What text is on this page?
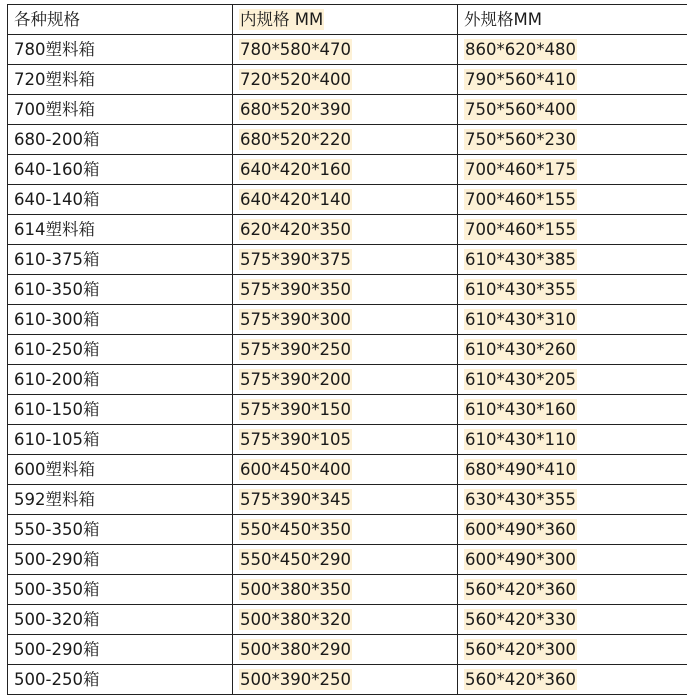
各种规格	内规格 MM	外规格MM
780塑料箱	780*580*470	860*620*480
720塑料箱	720*520*400	790*560*410
700塑料箱	680*520*390	750*560*400
680-200箱	680*520*220	750*560*230
640-160箱	640*420*160	700*460*175
640-140箱	640*420*140	700*460*155
614塑料箱	620*420*350	700*460*155
610-375箱	575*390*375	610*430*385
610-350箱	575*390*350	610*430*355
610-300箱	575*390*300	610*430*310
610-250箱	575*390*250	610*430*260
610-200箱	575*390*200	610*430*205
610-150箱	575*390*150	610*430*160
610-105箱	575*390*105	610*430*110
600塑料箱	600*450*400	680*490*410
592塑料箱	575*390*345	630*430*355
550-350箱	550*450*350	600*490*360
500-290箱	550*450*290	600*490*300
500-350箱	500*380*350	560*420*360
500-320箱	500*380*320	560*420*330
500-290箱	500*380*290	560*420*300
500-250箱	500*390*250	560*420*360
